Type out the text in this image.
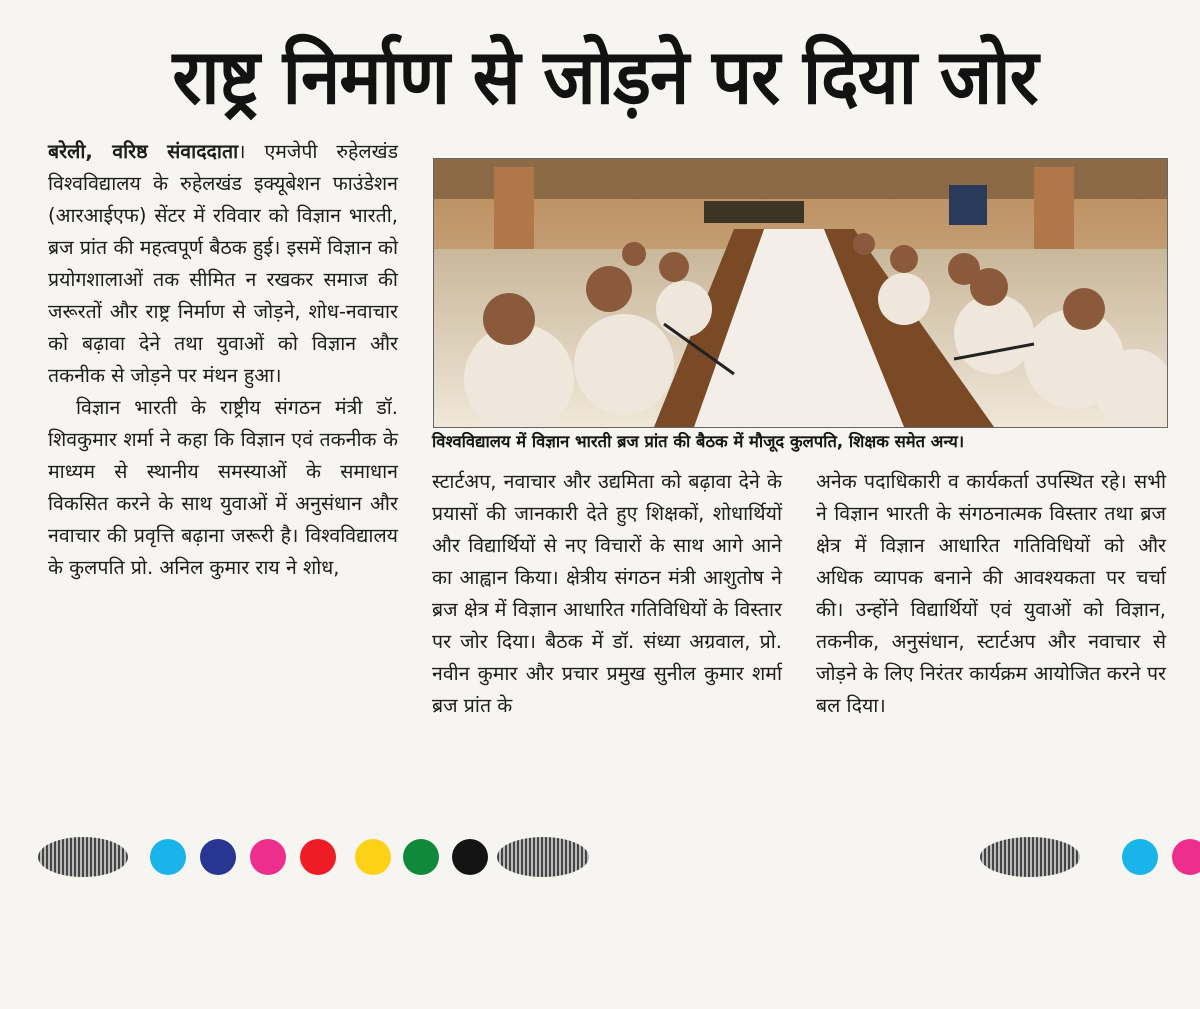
राष्ट्र निर्माण से जोड़ने पर दिया जोर

बरेली, वरिष्ठ संवाददाता। एमजेपी रुहेलखंड विश्वविद्यालय के रुहेलखंड इक्यूबेशन फाउंडेशन (आरआईएफ) सेंटर में रविवार को विज्ञान भारती, ब्रज प्रांत की महत्वपूर्ण बैठक हुई। इसमें विज्ञान को प्रयोगशालाओं तक सीमित न रखकर समाज की जरूरतों और राष्ट्र निर्माण से जोड़ने, शोध-नवाचार को बढ़ावा देने तथा युवाओं को विज्ञान और तकनीक से जोड़ने पर मंथन हुआ।

विज्ञान भारती के राष्ट्रीय संगठन मंत्री डॉ. शिवकुमार शर्मा ने कहा कि विज्ञान एवं तकनीक के माध्यम से स्थानीय समस्याओं के समाधान विकसित करने के साथ युवाओं में अनुसंधान और नवाचार की प्रवृत्ति बढ़ाना जरूरी है। विश्वविद्यालय के कुलपति प्रो. अनिल कुमार राय ने शोध,

विश्वविद्यालय में विज्ञान भारती ब्रज प्रांत की बैठक में मौजूद कुलपति, शिक्षक समेत अन्य।

स्टार्टअप, नवाचार और उद्यमिता को बढ़ावा देने के प्रयासों की जानकारी देते हुए शिक्षकों, शोधार्थियों और विद्यार्थियों से नए विचारों के साथ आगे आने का आह्वान किया। क्षेत्रीय संगठन मंत्री आशुतोष ने ब्रज क्षेत्र में विज्ञान आधारित गतिविधियों के विस्तार पर जोर दिया। बैठक में डॉ. संध्या अग्रवाल, प्रो. नवीन कुमार और प्रचार प्रमुख सुनील कुमार शर्मा ब्रज प्रांत के

अनेक पदाधिकारी व कार्यकर्ता उपस्थित रहे। सभी ने विज्ञान भारती के संगठनात्मक विस्तार तथा ब्रज क्षेत्र में विज्ञान आधारित गतिविधियों को और अधिक व्यापक बनाने की आवश्यकता पर चर्चा की। उन्होंने विद्यार्थियों एवं युवाओं को विज्ञान, तकनीक, अनुसंधान, स्टार्टअप और नवाचार से जोड़ने के लिए निरंतर कार्यक्रम आयोजित करने पर बल दिया।
